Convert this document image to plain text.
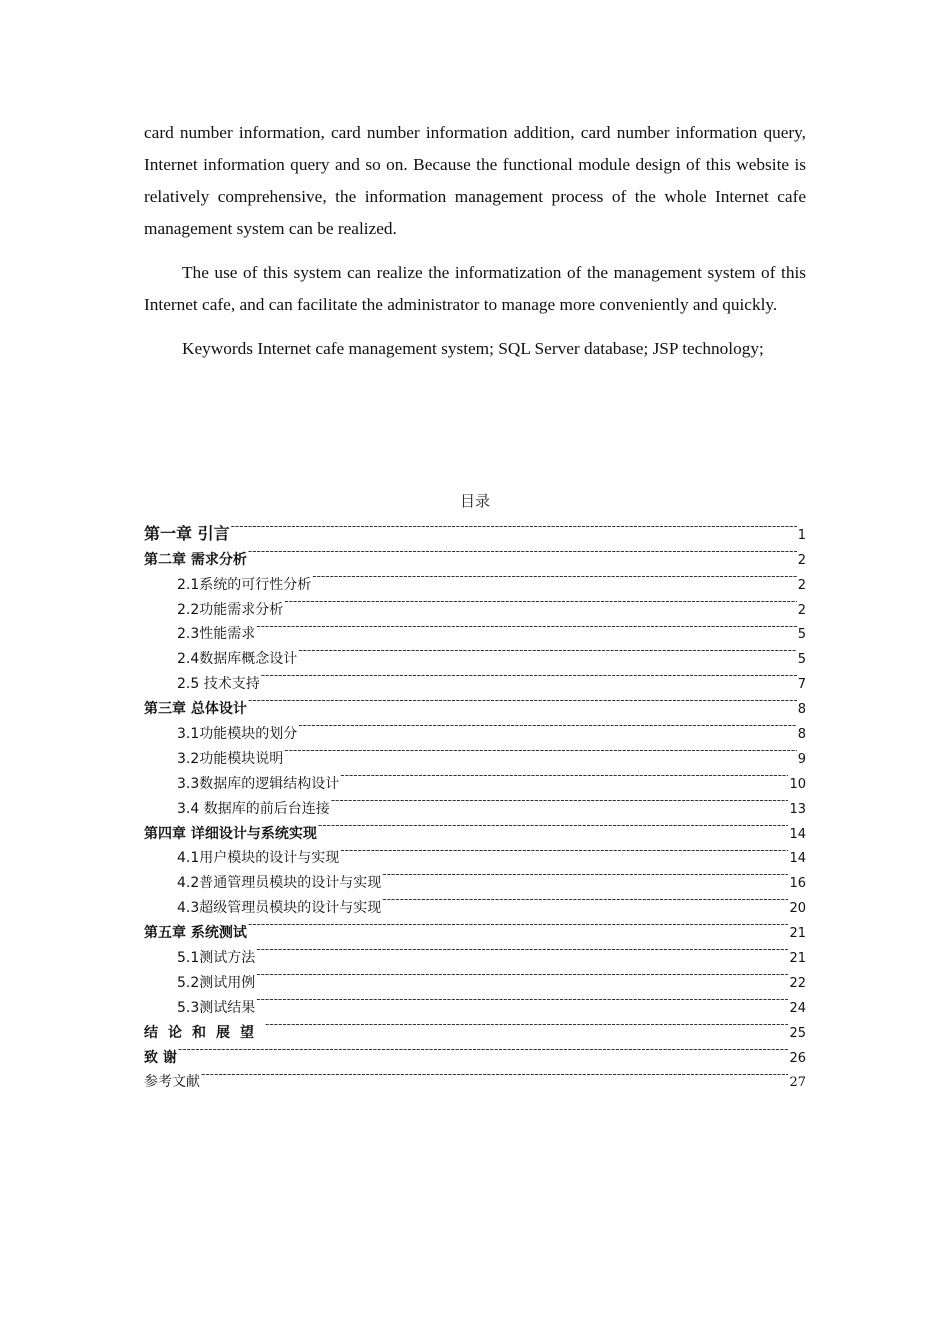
card number information, card number information addition, card number information query, Internet information query and so on. Because the functional module design of this website is relatively comprehensive, the information management process of the whole Internet cafe management system can be realized.

The use of this system can realize the informatization of the management system of this Internet cafe, and can facilitate the administrator to manage more conveniently and quickly.

Keywords Internet cafe management system; SQL Server database; JSP technology;

目录
第一章 引言 -----	1
第二章 需求分析 -----	2
2.1系统的可行性分析 -----	2
2.2功能需求分析 -----	2
2.3性能需求 -----	5
2.4数据库概念设计 -----	5
2.5 技术支持 -----	7
第三章 总体设计 -----	8
3.1功能模块的划分 -----	8
3.2功能模块说明 -----	9
3.3数据库的逻辑结构设计 -----	10
3.4 数据库的前后台连接 -----	13
第四章 详细设计与系统实现 -----	14
4.1用户模块的设计与实现 -----	14
4.2普通管理员模块的设计与实现 -----	16
4.3超级管理员模块的设计与实现 -----	20
第五章 系统测试 -----	21
5.1测试方法 -----	21
5.2测试用例 -----	22
5.3测试结果 -----	24
结论和展望 -----	25
致 谢 -----	26
参考文献 -----	27
